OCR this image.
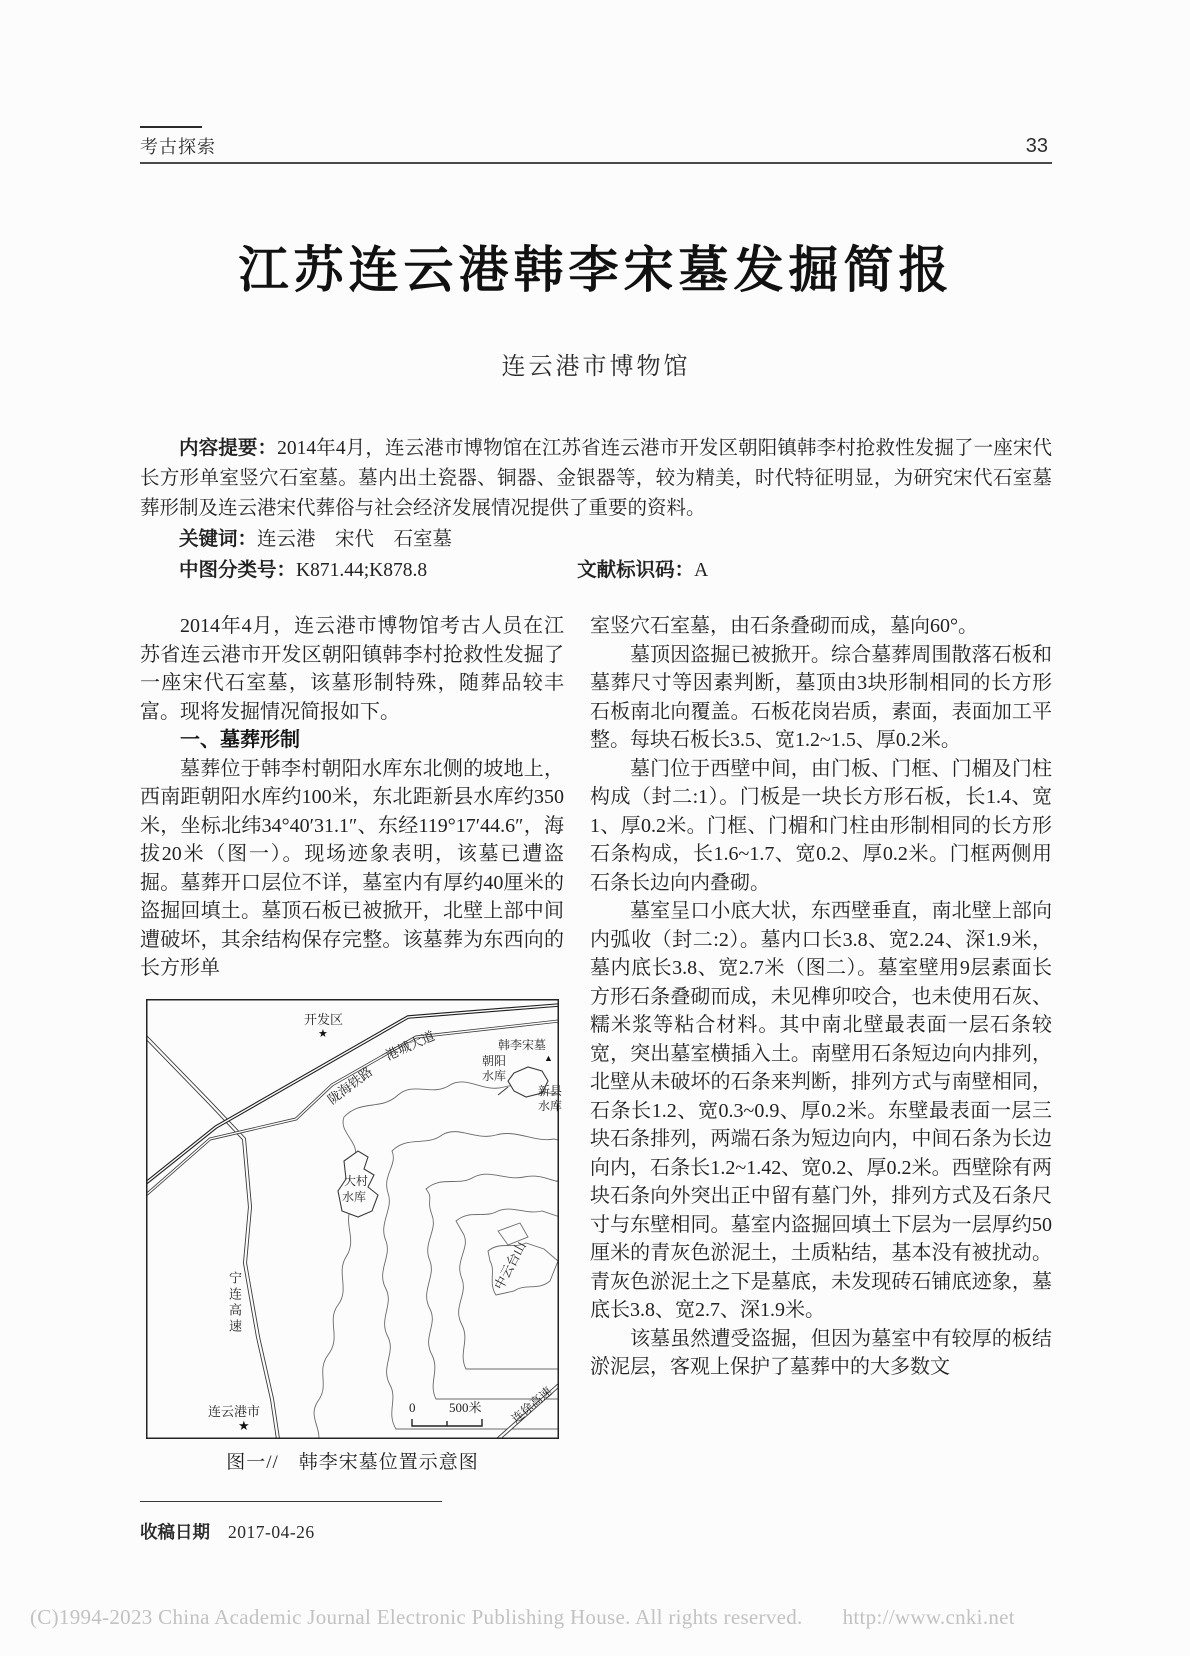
考古探索	33
江苏连云港韩李宋墓发掘简报
连云港市博物馆

内容提要：2014年4月，连云港市博物馆在江苏省连云港市开发区朝阳镇韩李村抢救性发掘了一座宋代长方形单室竖穴石室墓。墓内出土瓷器、铜器、金银器等，较为精美，时代特征明显，为研究宋代石室墓葬形制及连云港宋代葬俗与社会经济发展情况提供了重要的资料。

关键词：连云港　宋代　石室墓

中图分类号：K871.44;K878.8	文献标识码：A

2014年4月，连云港市博物馆考古人员在江苏省连云港市开发区朝阳镇韩李村抢救性发掘了一座宋代石室墓，该墓形制特殊，随葬品较丰富。现将发掘情况简报如下。

一、墓葬形制

墓葬位于韩李村朝阳水库东北侧的坡地上，西南距朝阳水库约100米，东北距新县水库约350米，坐标北纬34°40′31.1″、东经119°17′44.6″，海拔20米（图一）。现场迹象表明，该墓已遭盗掘。墓葬开口层位不详，墓室内有厚约40厘米的盗掘回填土。墓顶石板已被掀开，北壁上部中间遭破坏，其余结构保存完整。该墓葬为东西向的长方形单

开发区
★
陇海铁路
港城大道	韩李宋墓
▲
朝阳
水库
新县
水库
大村
水库
宁连高速
中云台山
连云港市
★
0	500米 连徐高速
图一//　韩李宋墓位置示意图

收稿日期 2017-04-26

室竖穴石室墓，由石条叠砌而成，墓向60°。

墓顶因盗掘已被掀开。综合墓葬周围散落石板和墓葬尺寸等因素判断，墓顶由3块形制相同的长方形石板南北向覆盖。石板花岗岩质，素面，表面加工平整。每块石板长3.5、宽1.2~1.5、厚0.2米。

墓门位于西壁中间，由门板、门框、门楣及门柱构成（封二:1）。门板是一块长方形石板，长1.4、宽1、厚0.2米。门框、门楣和门柱由形制相同的长方形石条构成，长1.6~1.7、宽0.2、厚0.2米。门框两侧用石条长边向内叠砌。

墓室呈口小底大状，东西壁垂直，南北壁上部向内弧收（封二:2）。墓内口长3.8、宽2.24、深1.9米，墓内底长3.8、宽2.7米（图二）。墓室壁用9层素面长方形石条叠砌而成，未见榫卯咬合，也未使用石灰、糯米浆等粘合材料。其中南北壁最表面一层石条较宽，突出墓室横插入土。南壁用石条短边向内排列，北壁从未破坏的石条来判断，排列方式与南壁相同，石条长1.2、宽0.3~0.9、厚0.2米。东壁最表面一层三块石条排列，两端石条为短边向内，中间石条为长边向内，石条长1.2~1.42、宽0.2、厚0.2米。西壁除有两块石条向外突出正中留有墓门外，排列方式及石条尺寸与东壁相同。墓室内盗掘回填土下层为一层厚约50厘米的青灰色淤泥土，土质粘结，基本没有被扰动。青灰色淤泥土之下是墓底，未发现砖石铺底迹象，墓底长3.8、宽2.7、深1.9米。

该墓虽然遭受盗掘，但因为墓室中有较厚的板结淤泥层，客观上保护了墓葬中的大多数文

(C)1994-2023 China Academic Journal Electronic Publishing House. All rights reserved. http://www.cnki.net
